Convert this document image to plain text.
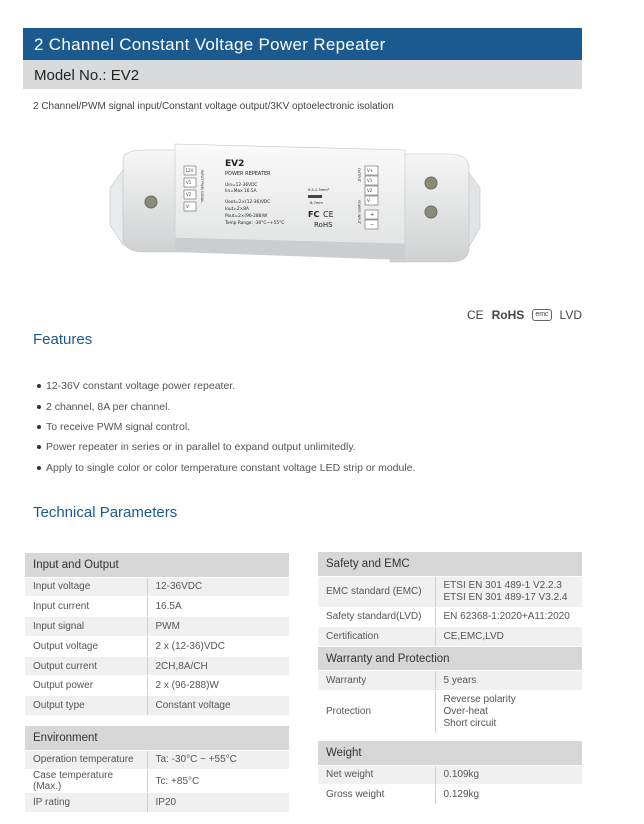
2 Channel Constant Voltage Power Repeater
Model No.: EV2
2 Channel/PWM signal input/Constant voltage output/3KV optoelectronic isolation
12V
V1
V2
V-
INPUT PWM SIGNAL
EV2
POWER REPEATER
Uin=12-36VDC
Iin=Max 16.5A
Uout=2×(12-36)VDC
Iout=2×8A
Pout=2×(96-288)W
Temp Range: -30°C~+55°C
0.5-2.5mm²
6-7mm
FC CE
RoHS
OUTPUT
POWER INPUT
V+
V1
V2
V-
+
−
CE RoHS	emc LVD
Features
12-36V constant voltage power repeater.
2 channel, 8A per channel.
To receive PWM signal control.
Power repeater in series or in parallel to expand output unlimitedly.
Apply to single color or color temperature constant voltage LED strip or module.
Technical Parameters
Input and Output	
Input voltage	12-36VDC
Input current	16.5A
Input signal	PWM
Output voltage	2 x (12-36)VDC
Output current	2CH,8A/CH
Output power	2 x (96-288)W
Output type	Constant voltage
Environment	
Operation temperature	Ta: -30°C ~ +55°C
Case temperature (Max.)	Tc: +85°C
IP rating	IP20
Safety and EMC	
EMC standard (EMC)	ETSI EN 301 489-1 V2.2.3
ETSI EN 301 489-17 V3.2.4

Safety standard(LVD)	EN 62368-1:2020+A11:2020
Certification	CE,EMC,LVD
Warranty and Protection	
Warranty	5 years
Protection	Reverse polarity
Over-heat
Short circuit
Weight	
Net weight	0.109kg
Gross weight	0.129kg
